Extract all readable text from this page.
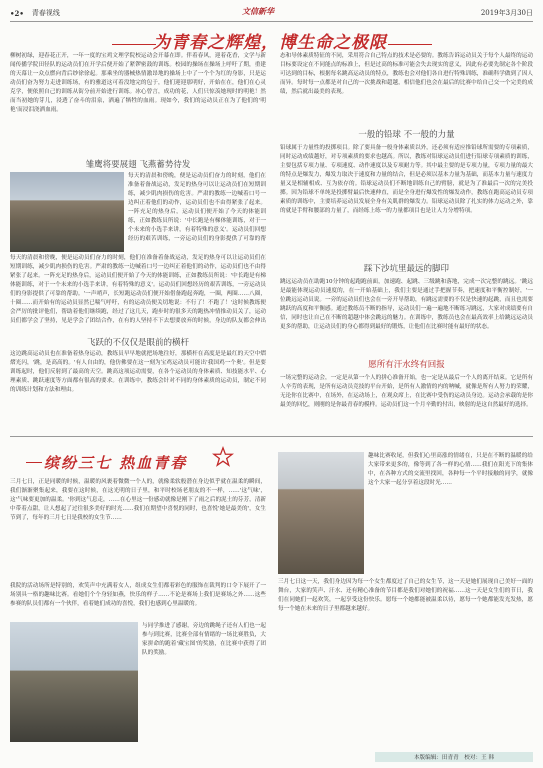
•2• 青春视线	文信新华	2019年3月30日
为青春之辉煌，博生命之极限
柳树初绿，迎春花正开，一年一度的宝鸡文理学院校运动会开幕在即。伴着春风，迎着花香，文学与新闻传播学院田径队的运动员们在开学后便开始了紧锣密鼓的训练。校园的操场在操场上呼吁了期，重建的天幕让一众点燃向背后纱徐徐起。那乘坐的器械热情激昂地的操场上中了一个个为红的身影，只是运动员们奋为努力走进训练场，有的雅道这可着没地完的包于，他们迎迎那明好，开始在在，他们在心灵克学，便依照自己的训练从街分前开始进行训练。冰心曾言，成功的花，人们只惊羡她现时的明艳！然而当初她的芽儿，浸透了奋斗的泪泉，洒遍了牺牲的血雨。现如今，我们的运动员正在为了他们的'明艳'而浸泪浇洒血雨。
态和导体素质特征的不同，采用符合自己特点的技术是必要的。教练告诉运动员关于每个人最终的运动目标要设定在不同能点的标准上，但是过高的标准可能会失去现实的意义，因此有必要先制定各个阶段可达到的目标，根据每名跳高运动员的特点，教练也会对他们各自进行特殊训练，准确科学做到了因人而异。每时每一点都是对自己的一次挑战和超越，相信他们也会在最后的比赛中给自己交一个完美的成绩，然后就出最美的表现。
雏鹰将要展翅 飞燕蓄势待发
每天的清晨和傍晚，便是运动员们奋力的时刻，他们在准备着备战运动，发足的热身可以让运动员们在短期训练，减少肌肉损伤的危害。严肃的教练一边喊着口号一边纠正着他们的动作，运动员们也不由得紧张了起来。一阵充足的热身后，运动员们便开始了今天的体能训练，正如教练员所说：'中长跑是有梯体能训练，对于一个未来的小选手来讲，有着特殊的意义'。运动员们回想经历的艰苦训练，一旁运动员们的身影提供了可靠的帮
每天的清晨和傍晚，便是运动员们奋力的时刻，他们在准备着备战运动，发足的热身可以让运动员们在短期训练，减少肌肉损伤的危害。严肃的教练一边喊着口号一边纠正着他们的动作，运动员们也不由得紧张了起来。一阵充足的热身后，运动员们便开始了今天的体能训练，正如教练员所说：'中长跑是有梯体能训练，对于一个未来的小选手来讲，有着特殊的意义'。运动员们回想经历的艰苦训练，一旁运动员们的身影提供了可靠的帮助。'一声哨声，长短跑运动员们便开始借备跑起奔跑，一圈，两圈……八圈，十圈……而开始有的运动员显然已喘气呼吁，有的运动员便关切地说：不行了！不跑了！'这时候教练便会严厉的批评他们，帮助着他们继续跑，经过了这几天，跑步时的很多天的跑热冲情推动员关了，运动员们都学会了坚持，见是学会了团结合作，在有的人坚持不下去想要放弃的时候，身边的队友都会伸出
飞跃的不仅仅是眼前的横杆
这边跳高运动员也在准备着热身运动，教练员早早地就把场地往好，那横杆在高度是是最红的天空中熠熠光闪，'跳，是高高的。'有人自由的，他仿佛要在这一刻为宝鸡运动员可能出'我国鸡一个奥'。但是要训练起时，他们反射到了最高的天空。跳高这项运动需要，在各个运动员的身体素质、知技能水平、心理素质、跳跃速度等方面都有很高的要求。在训练中，教练会针对不同的身体素质的运动员，制定不同的训练计划和方法和理由。
一般的铅球 不一般的力量
铅球属于力量性的投掷项目。除了要具备一般身体素质以外，还必须有适应推铅球所需要的专项素质，同时运动成绩越好，对专项素质的要求也越高。所以，教练对铅球运动员们进行铅球专项素质的训练，主要包括专项力量、专项速度、动作速度以及专项耐力等。其中最主要的是专项力量，专项力量的最大的特点是爆发力，爆发力取决于速度和力量的结合，但是必须以基本力量为基础，而基本力量与速度力量又是相辅相成、互为依存的。铅球运动员们不断地训练自己的臂膀，就是为了准最后一次的完美投掷。因为铅球不单纯是投掷臂最后快速伸直，而是全身进行爆发性的爆发动作，教练在跑高运动员专项素质的训练中，主要培养运动员发展全身有关肌群的爆发力。铅球运动员除了扎实的体力运动之外，靠的就是手臂和腰部的力量了，而经练上练一的力量都项目也是让人力分增特项。
踩下沙坑里最远的脚印
跳远运动员在助跑10分钟的起跑跑前面，加速跑、起跳、三级跳和落地，完成一次完整的跳远。'跳远是最能体现运动员速度的，在一开始基础上，我们主要是通过手把握节奏，把速度和平衡控制好，'一位跳远运动员说。一旁的运动员们也会在一旁开导帮助，有跳远需要的不仅是快速的起跳，而且也需要跳跃的高度和平衡感。通过教练员不断的指导，运动员们一遍一遍地不断练习跳远，大家对成绩要有自信，同时也让自己在不断的超越中体会跳远的魅力。在训练中，教练员也会在最高效率上给跳远运动员更多的帮助，让运动员们的身心都得到最好的锻炼，让他们在比赛时能有最好的状态。
愿所有汗水终有回报
一场完整的运动会，一定是从第一个人的拼心准备开始，也一定是从最后一个人的离开结束。它是所有人辛劳的表现，是所有运动员竞技的平台开始，是所有人激情的内的呐喊，就像是所有人努力的荣耀，无论你在比赛中，在场外，在运动场上，在观众席上，在比赛中受伤的运动员身边。运动会承载的是你最美的回忆，则刚的是你最青春的模样。运动员们这一个月辛勤的付出，映射的是这自然最好的选择。
缤纷三七 热血青春
三月七日，正是同暖的时候，温暖的风裹着微微一个人的，就像柔软般潜在身边似乎就在温柔的瞬间，我们渐渐聚集起来，我要在这时候，在这光明的日子里，和平时校场老朋友的不一样，……'这气味'，这'气味要更加的温柔。'你到这气息走，……在心里这一份感动就像是刚下了雨之后的泥土的芬芳，清新中带着点甜，让人想起了过往很多美好的时光……我们在期望中喜悦的同时，也喜悦'她是最美的'，女生节到了，每年的三月七日是我校的女生节……
我院的活动场所是特别的，欢笑声中充满着女人，组成女生们都着彩色的服饰在裁判的口令下展开了一场别具一格的趣味比赛。看她们个个身轻如燕，快乐的样子……不论是赛场上我们是赛场之外……这些参赛的队员们都有一个伙伴，看着她们成功的喜悦，我们也感到心里温暖的。
与同学推进了感谢，旁边的跳绳子还有人们也一起参与到比赛，比赛全部有情绪的一场比赛胜负，大家拼命的跑着'藏宝图'的奖励，在比赛中获得了团队的奖励。
趣味比赛收尾，但我们心里高涨的情绪在，只是在不断的温暖的给大家带来更多的，像等到了各一样的心情……我们在阳光下的集体中，在各种方式的交流里找回，各种每一个平时接触的同学，就像这个大家一起分享着这段时光……
三月七日这一天，我们身边因为每一个女生都度过了自己的女生节，这一天是她们展现自己美好一面的舞台，大家的笑声、汗水、还有精心准备的节目都是我们对她们的祝福……这一天是女生们的节日，我们在同她们一起欢笑，一起享受这份快乐。愿每一个她都能被温柔以待，愿每一个她都能发光发热，愿每一个她在未来的日子里都越来越好。
本版编辑：田青青　校对：王 韩
